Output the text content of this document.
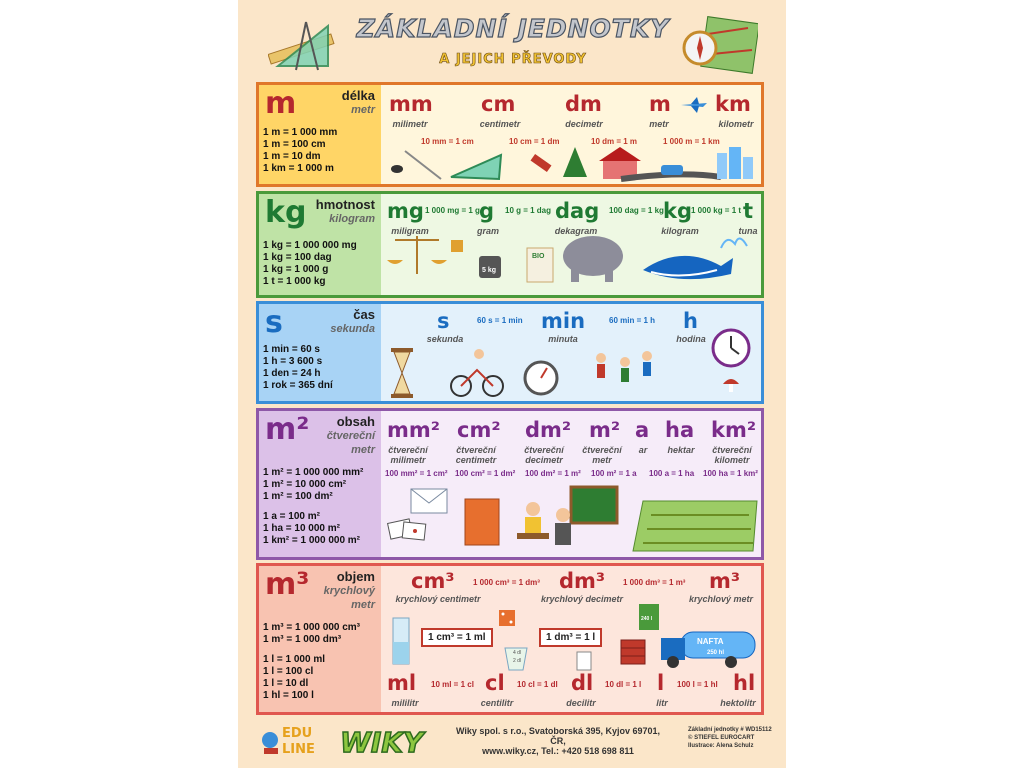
ZÁKLADNÍ JEDNOTKY
A JEJICH PŘEVODY
m	délka
metr
1 m = 1 000 mm
1 m = 100 cm
1 m = 10 dm
1 km = 1 000 m
mm
milimetr
cm
centimetr
dm
decimetr
m
metr
km
kilometr
10 mm = 1 cm	10 cm = 1 dm	10 dm = 1 m	1 000 m = 1 km
kg hmotnost
kilogram
1 kg = 1 000 000 mg
1 kg = 100 dag
1 kg = 1 000 g
1 t = 1 000 kg
mg
miligram
1 000 mg = 1 g g
gram
10 g = 1 dag dag
dekagram
100 dag = 1 kg kg
kilogram
1 000 kg = 1 t t
tuna
5 kg
BIO
s	čas
sekunda
1 min = 60 s
1 h = 3 600 s
1 den = 24 h
1 rok = 365 dní
s
sekunda
60 s = 1 min min
minuta
60 min = 1 h h
hodina
m²	obsah
čtvereční metr
1 m² = 1 000 000 mm²
1 m² = 10 000 cm²
1 m² = 100 dm²
1 a = 100 m²
1 ha = 10 000 m²
1 km² = 1 000 000 m²
mm²
čtvereční milimetr
cm²
čtvereční centimetr
dm²
čtvereční decimetr
m²
čtvereční metr
a
ar
ha
hektar
km²
čtvereční kilometr
100 mm² = 1 cm² 100 cm² = 1 dm² 100 dm² = 1 m² 100 m² = 1 a 100 a = 1 ha 100 ha = 1 km²
m³	objem
krychlový metr
1 m³ = 1 000 000 cm³
1 m³ = 1 000 dm³
1 l = 1 000 ml
1 l = 100 cl
1 l = 10 dl
1 hl = 100 l
cm³
krychlový centimetr
1 000 cm³ = 1 dm³ dm³
krychlový decimetr
1 000 dm³ = 1 m³ m³
krychlový metr
1 cm³ = 1 ml	1 dm³ = 1 l
4 dl
2 dl
240 l
NAFTA
250 hl
ml
mililitr
10 ml = 1 cl cl
centilitr
10 cl = 1 dl dl
decilitr
10 dl = 1 l l
litr
100 l = 1 hl hl
hektolitr
EDU
LINE WIKY	Wiky spol. s r.o., Svatoborská 395, Kyjov 69701, ČR,
www.wiky.cz, Tel.: +420 518 698 811
Základní jednotky # WD15112
© STIEFEL EUROCART
Ilustrace: Alena Schulz
